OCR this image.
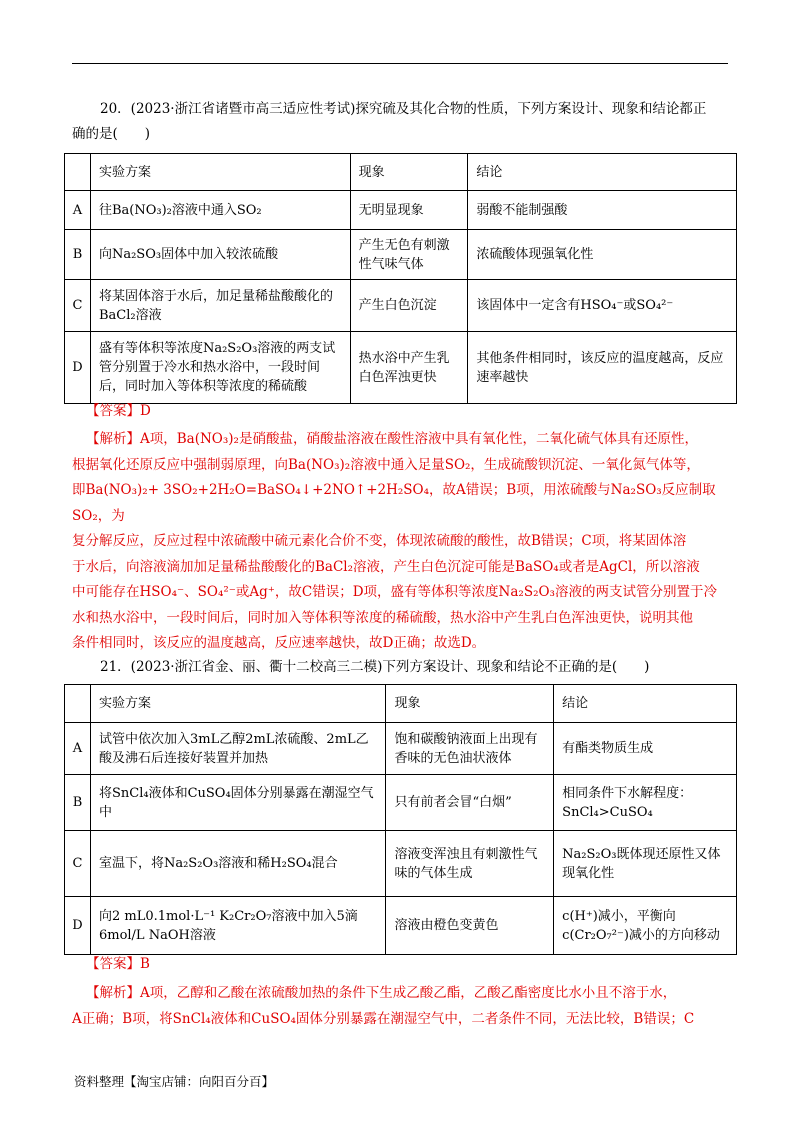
20．(2023·浙江省诸暨市高三适应性考试)探究硫及其化合物的性质，下列方案设计、现象和结论都正
确的是(　　)
	实验方案	现象	结论
A	往Ba(NO₃)₂溶液中通入SO₂	无明显现象	弱酸不能制强酸
B	向Na₂SO₃固体中加入较浓硫酸	产生无色有刺激性气味气体	浓硫酸体现强氧化性
C	将某固体溶于水后，加足量稀盐酸酸化的BaCl₂溶液	产生白色沉淀	该固体中一定含有HSO₄⁻或SO₄²⁻
D	盛有等体积等浓度Na₂S₂O₃溶液的两支试管分别置于冷水和热水浴中，一段时间后，同时加入等体积等浓度的稀硫酸	热水浴中产生乳白色浑浊更快	其他条件相同时，该反应的温度越高，反应速率越快
【答案】D
【解析】A项，Ba(NO₃)₂是硝酸盐，硝酸盐溶液在酸性溶液中具有氧化性，二氧化硫气体具有还原性，
根据氧化还原反应中强制弱原理，向Ba(NO₃)₂溶液中通入足量SO₂，生成硫酸钡沉淀、一氧化氮气体等，
即Ba(NO₃)₂+ 3SO₂+2H₂O=BaSO₄↓+2NO↑+2H₂SO₄，故A错误；B项，用浓硫酸与Na₂SO₃反应制取SO₂，为
复分解反应，反应过程中浓硫酸中硫元素化合价不变，体现浓硫酸的酸性，故B错误；C项，将某固体溶
于水后，向溶液滴加加足量稀盐酸酸化的BaCl₂溶液，产生白色沉淀可能是BaSO₄或者是AgCl，所以溶液
中可能存在HSO₄⁻、SO₄²⁻或Ag⁺，故C错误；D项，盛有等体积等浓度Na₂S₂O₃溶液的两支试管分别置于冷
水和热水浴中，一段时间后，同时加入等体积等浓度的稀硫酸，热水浴中产生乳白色浑浊更快，说明其他
条件相同时，该反应的温度越高，反应速率越快，故D正确；故选D。
21．(2023·浙江省金、丽、衢十二校高三二模)下列方案设计、现象和结论不正确的是(　　)
	实验方案	现象	结论
A	试管中依次加入3mL乙醇2mL浓硫酸、2mL乙酸及沸石后连接好装置并加热	饱和碳酸钠液面上出现有香味的无色油状液体	有酯类物质生成
B	将SnCl₄液体和CuSO₄固体分别暴露在潮湿空气中	只有前者会冒“白烟”	相同条件下水解程度：SnCl₄>CuSO₄
C	室温下，将Na₂S₂O₃溶液和稀H₂SO₄混合	溶液变浑浊且有刺激性气味的气体生成	Na₂S₂O₃既体现还原性又体现氧化性
D	向2 mL0.1mol·L⁻¹ K₂Cr₂O₇溶液中加入5滴6mol/L NaOH溶液	溶液由橙色变黄色	c(H⁺)减小，平衡向c(Cr₂O₇²⁻)减小的方向移动
【答案】B
【解析】A项，乙醇和乙酸在浓硫酸加热的条件下生成乙酸乙酯，乙酸乙酯密度比水小且不溶于水，
A正确；B项，将SnCl₄液体和CuSO₄固体分别暴露在潮湿空气中，二者条件不同，无法比较，B错误；C
资料整理【淘宝店铺：向阳百分百】
